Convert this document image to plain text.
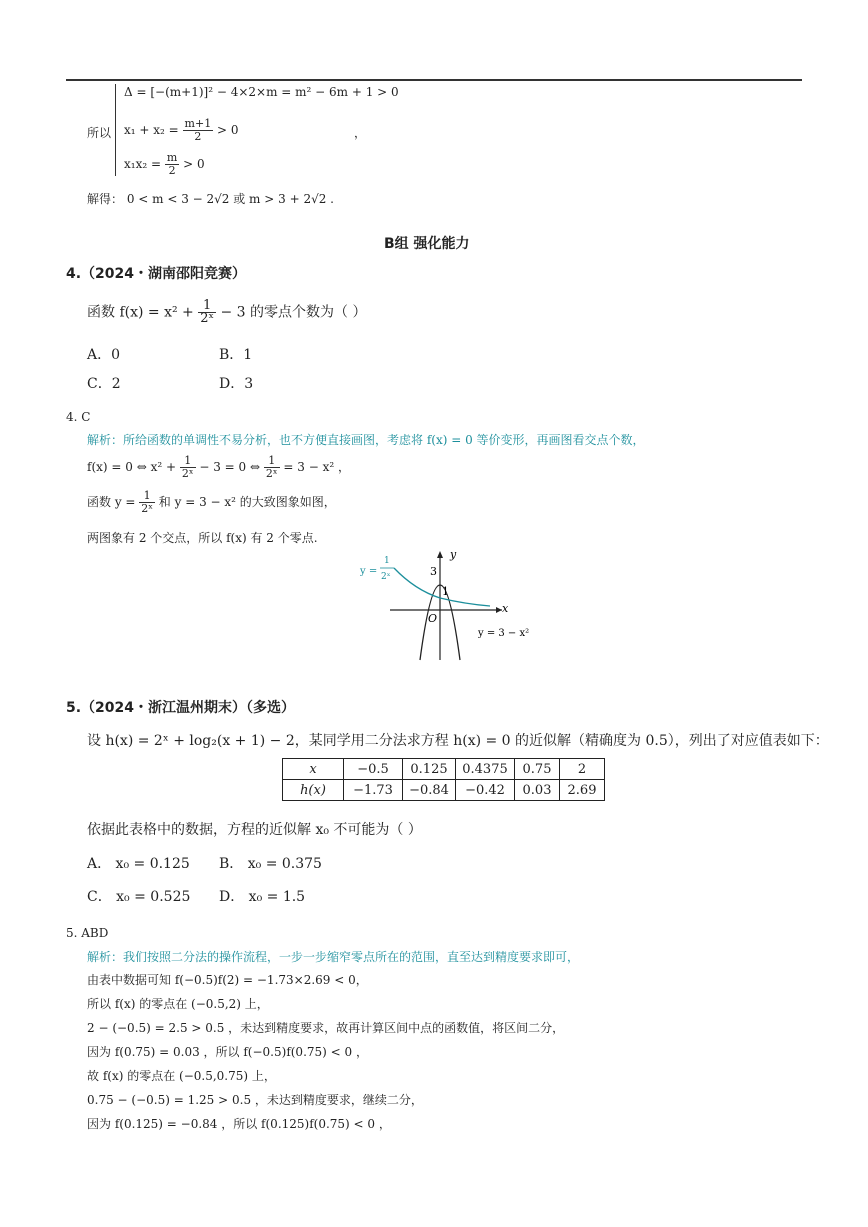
所以
Δ = [−(m+1)]² − 4×2×m = m² − 6m + 1 > 0
$x_1 + x_2 = \frac{m+1}{2} > 0$
$x_1x_2 = \frac{m}{2} > 0$
，
解得： 0 < m < 3 − 2√2 或 m > 3 + 2√2 .
B组 强化能力
4.（2024・湖南邵阳竞赛）
函数 $f(x) = x^2 + \frac{1}{\text{2ˣ}} - 3$ 的零点个数为（ ）
A．0	B．1
C．2	D．3
4. C
解析：所给函数的单调性不易分析，也不方便直接画图，考虑将 f(x) = 0 等价变形，再画图看交点个数，
f(x) = 0 ⇔ $x^2 + \frac{1}{\text{2ˣ}} - 3 = 0$ ⇔ $\frac{1}{\text{2ˣ}} = 3 - x^2$ ，
函数 $y = \frac{1}{\text{2ˣ}}$ 和 y = 3 − x² 的大致图象如图，
两图象有 2 个交点，所以 f(x) 有 2 个零点.
y
x
O
3
1
y =
1
2ˣ
y = 3 − x²
5.（2024・浙江温州期末）（多选）
设 h(x) = 2ˣ + log₂(x + 1) − 2，某同学用二分法求方程 h(x) = 0 的近似解（精确度为 0.5），列出了对应值表如下：
x	−0.5	0.125	0.4375	0.75	2
h(x)	−1.73	−0.84	−0.42	0.03	2.69
依据此表格中的数据，方程的近似解 x₀ 不可能为（ ）
A． x₀ = 0.125 B． x₀ = 0.375
C． x₀ = 0.525 D． x₀ = 1.5
5. ABD
解析：我们按照二分法的操作流程，一步一步缩窄零点所在的范围，直至达到精度要求即可，
由表中数据可知 f(−0.5)f(2) = −1.73×2.69 < 0，
所以 f(x) 的零点在 (−0.5,2) 上，
2 − (−0.5) = 2.5 > 0.5 ，未达到精度要求，故再计算区间中点的函数值，将区间二分，
因为 f(0.75) = 0.03 ，所以 f(−0.5)f(0.75) < 0 ，
故 f(x) 的零点在 (−0.5,0.75) 上，
0.75 − (−0.5) = 1.25 > 0.5 ，未达到精度要求，继续二分，
因为 f(0.125) = −0.84 ，所以 f(0.125)f(0.75) < 0 ，
